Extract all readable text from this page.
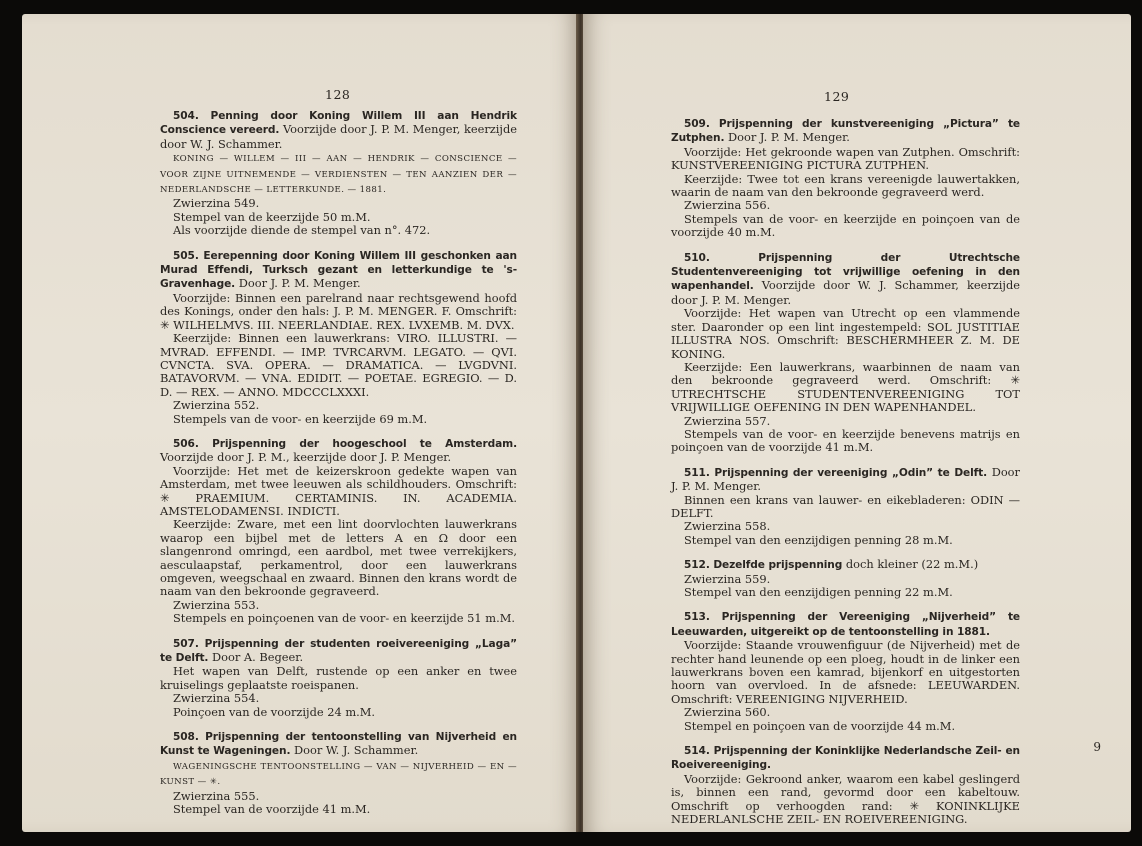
128

504. Penning door Koning Willem III aan Hendrik Conscience vereerd. Voorzijde door J. P. M. Menger, keerzijde door W. J. Schammer.

KONING — WILLEM — III — AAN — HENDRIK — CONSCIENCE — VOOR ZIJNE UITNEMENDE — VERDIENSTEN — TEN AANZIEN DER — NEDERLANDSCHE — LETTERKUNDE. — 1881.

Zwierzina 549.

Stempel van de keerzijde 50 m.M.

Als voorzijde diende de stempel van n°. 472.

505. Eerepenning door Koning Willem III geschonken aan Murad Effendi, Turksch gezant en letterkundige te 's-Gravenhage. Door J. P. M. Menger.

Voorzijde: Binnen een parelrand naar rechtsgewend hoofd des Konings, onder den hals: J. P. M. MENGER. F. Omschrift: ✳ WILHELMVS. III. NEERLANDIAE. REX. LVXEMB. M. DVX.

Keerzijde: Binnen een lauwerkrans: VIRO. ILLUSTRI. — MVRAD. EFFENDI. — IMP. TVRCARVM. LEGATO. — QVI. CVNCTA. SVA. OPERA. — DRAMATICA. — LVGDVNI. BATAVORVM. — VNA. EDIDIT. — POETAE. EGREGIO. — D. D. — REX. — ANNO. MDCCCLXXXI.

Zwierzina 552.

Stempels van de voor- en keerzijde 69 m.M.

506. Prijspenning der hoogeschool te Amsterdam. Voorzijde door J. P. M., keerzijde door J. P. Menger.

Voorzijde: Het met de keizerskroon gedekte wapen van Amsterdam, met twee leeuwen als schildhouders. Omschrift: ✳ PRAEMIUM. CERTAMINIS. IN. ACADEMIA. AMSTELODAMENSI. INDICTI.

Keerzijde: Zware, met een lint doorvlochten lauwerkrans waarop een bijbel met de letters A en Ω door een slangenrond omringd, een aardbol, met twee verrekijkers, aesculaapstaf, perkamentrol, door een lauwerkrans omgeven, weegschaal en zwaard. Binnen den krans wordt de naam van den bekroonde gegraveerd.

Zwierzina 553.

Stempels en poinçoenen van de voor- en keerzijde 51 m.M.

507. Prijspenning der studenten roeivereeniging „Laga” te Delft. Door A. Begeer.

Het wapen van Delft, rustende op een anker en twee kruiselings geplaatste roeispanen.

Zwierzina 554.

Poinçoen van de voorzijde 24 m.M.

508. Prijspenning der tentoonstelling van Nijverheid en Kunst te Wageningen. Door W. J. Schammer.

WAGENINGSCHE TENTOONSTELLING — VAN — NIJVERHEID — EN — KUNST — ✳.

Zwierzina 555.

Stempel van de voorzijde 41 m.M.

129

509. Prijspenning der kunstvereeniging „Pictura” te Zutphen. Door J. P. M. Menger.

Voorzijde: Het gekroonde wapen van Zutphen. Omschrift: KUNSTVEREENIGING PICTURA ZUTPHEN.

Keerzijde: Twee tot een krans vereenigde lauwertakken, waarin de naam van den bekroonde gegraveerd werd.

Zwierzina 556.

Stempels van de voor- en keerzijde en poinçoen van de voorzijde 40 m.M.

510. Prijspenning der Utrechtsche Studentenvereeniging tot vrijwillige oefening in den wapenhandel. Voorzijde door W. J. Schammer, keerzijde door J. P. M. Menger.

Voorzijde: Het wapen van Utrecht op een vlammende ster. Daaronder op een lint ingestempeld: SOL JUSTITIAE ILLUSTRA NOS. Omschrift: BESCHERMHEER Z. M. DE KONING.

Keerzijde: Een lauwerkrans, waarbinnen de naam van den bekroonde gegraveerd werd. Omschrift: ✳ UTRECHTSCHE STUDENTENVEREENIGING TOT VRIJWILLIGE OEFENING IN DEN WAPENHANDEL.

Zwierzina 557.

Stempels van de voor- en keerzijde benevens matrijs en poinçoen van de voorzijde 41 m.M.

511. Prijspenning der vereeniging „Odin” te Delft. Door J. P. M. Menger.

Binnen een krans van lauwer- en eikebladeren: ODIN — DELFT.

Zwierzina 558.

Stempel van den eenzijdigen penning 28 m.M.

512. Dezelfde prijspenning doch kleiner (22 m.M.)

Zwierzina 559.

Stempel van den eenzijdigen penning 22 m.M.

513. Prijspenning der Vereeniging „Nijverheid” te Leeuwarden, uitgereikt op de tentoonstelling in 1881.

Voorzijde: Staande vrouwenfiguur (de Nijverheid) met de rechter hand leunende op een ploeg, houdt in de linker een lauwerkrans boven een kamrad, bijenkorf en uitgestorten hoorn van overvloed. In de afsnede: LEEUWARDEN. Omschrift: VEREENIGING NIJVERHEID.

Zwierzina 560.

Stempel en poinçoen van de voorzijde 44 m.M.

514. Prijspenning der Koninklijke Nederlandsche Zeil- en Roeivereeniging.

Voorzijde: Gekroond anker, waarom een kabel geslingerd is, binnen een rand, gevormd door een kabeltouw. Omschrift op verhoogden rand: ✳ KONINKLIJKE NEDERLANLSCHE ZEIL- EN ROEIVEREENIGING.

9
